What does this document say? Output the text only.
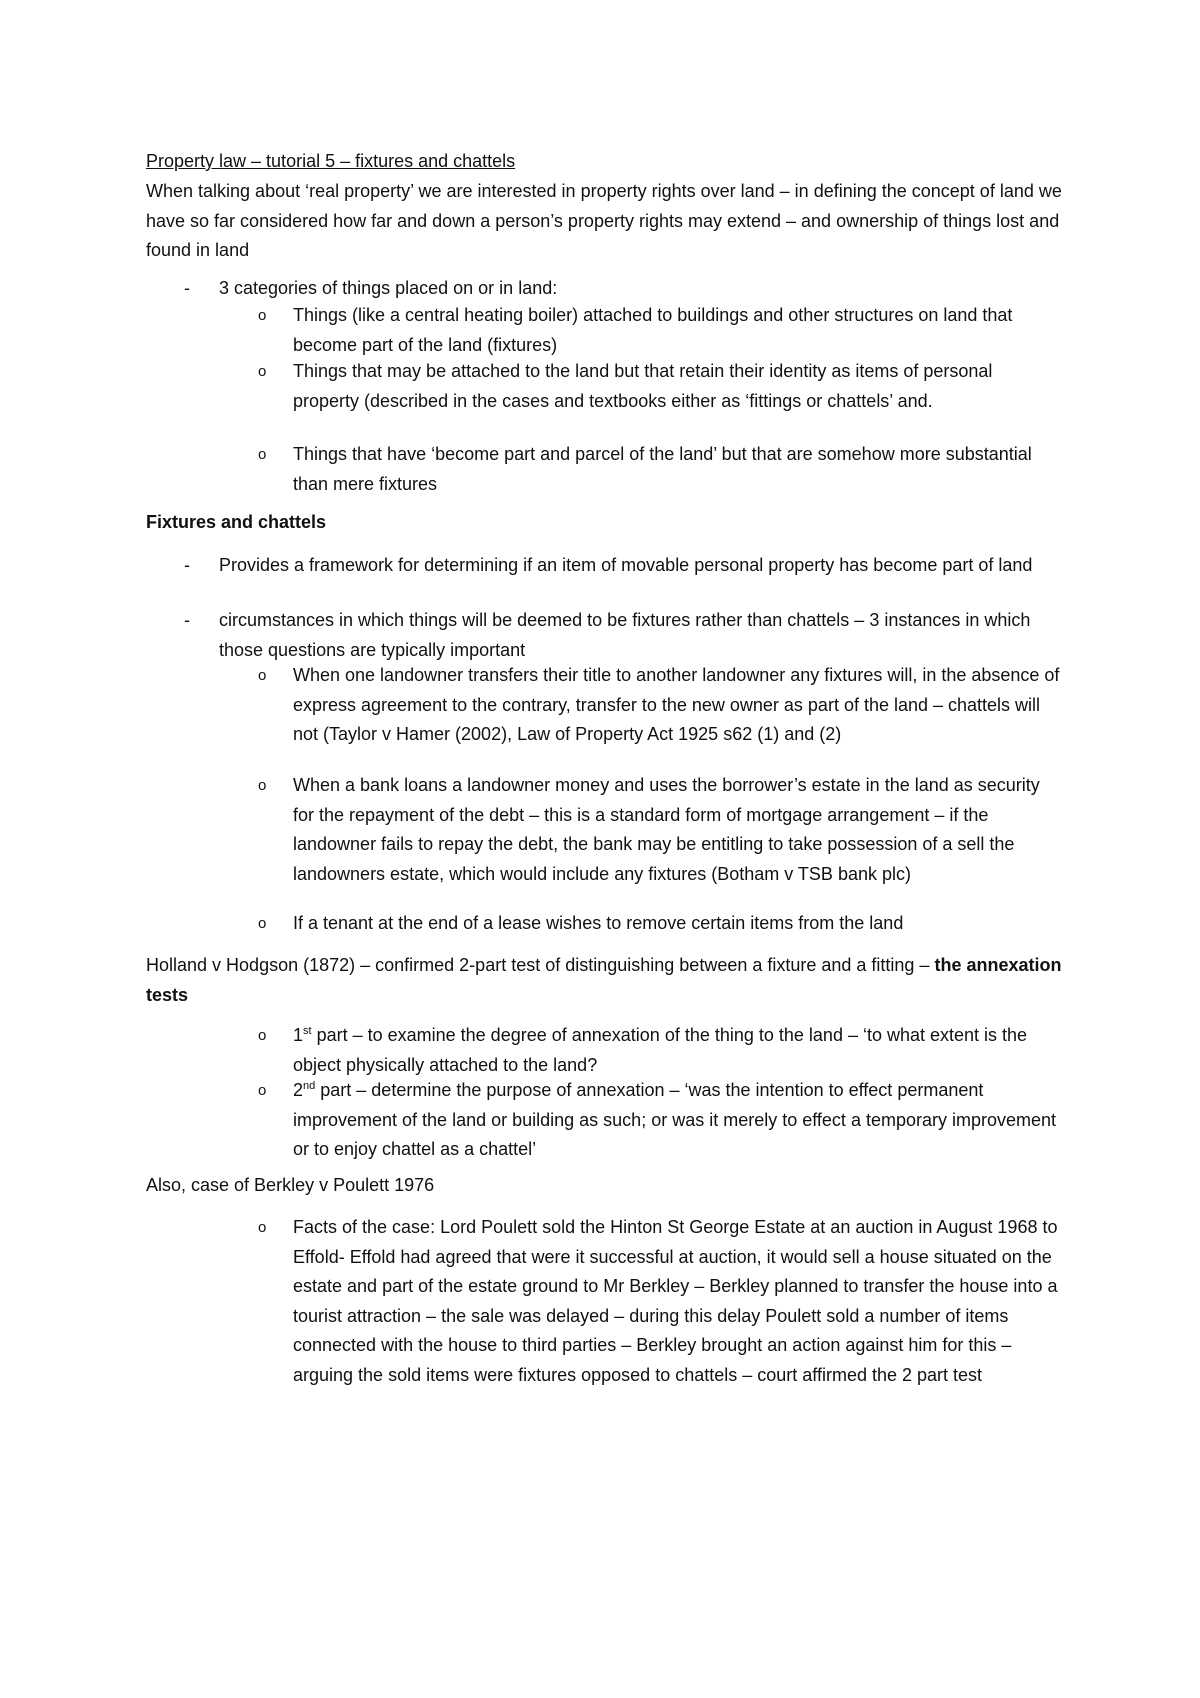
Property law – tutorial 5 – fixtures and chattels
When talking about ‘real property’ we are interested in property rights over land – in defining the concept of land we have so far considered how far and down a person’s property rights may extend – and ownership of things lost and found in land
- 3 categories of things placed on or in land:
o Things (like a central heating boiler) attached to buildings and other structures on land that become part of the land (fixtures)
o Things that may be attached to the land but that retain their identity as items of personal property (described in the cases and textbooks either as ‘fittings or chattels’ and.
o Things that have ‘become part and parcel of the land’ but that are somehow more substantial than mere fixtures
Fixtures and chattels
- Provides a framework for determining if an item of movable personal property has become part of land
- circumstances in which things will be deemed to be fixtures rather than chattels – 3 instances in which those questions are typically important
o When one landowner transfers their title to another landowner any fixtures will, in the absence of express agreement to the contrary, transfer to the new owner as part of the land – chattels will not (Taylor v Hamer (2002), Law of Property Act 1925 s62 (1) and (2)
o When a bank loans a landowner money and uses the borrower’s estate in the land as security for the repayment of the debt – this is a standard form of mortgage arrangement – if the landowner fails to repay the debt, the bank may be entitling to take possession of a sell the landowners estate, which would include any fixtures (Botham v TSB bank plc)
o If a tenant at the end of a lease wishes to remove certain items from the land
Holland v Hodgson (1872) – confirmed 2-part test of distinguishing between a fixture and a fitting – the annexation tests
o 1st part – to examine the degree of annexation of the thing to the land – ‘to what extent is the object physically attached to the land?
o 2nd part – determine the purpose of annexation – ‘was the intention to effect permanent improvement of the land or building as such; or was it merely to effect a temporary improvement or to enjoy chattel as a chattel’
Also, case of Berkley v Poulett 1976
o Facts of the case: Lord Poulett sold the Hinton St George Estate at an auction in August 1968 to Effold- Effold had agreed that were it successful at auction, it would sell a house situated on the estate and part of the estate ground to Mr Berkley – Berkley planned to transfer the house into a tourist attraction – the sale was delayed – during this delay Poulett sold a number of items connected with the house to third parties – Berkley brought an action against him for this – arguing the sold items were fixtures opposed to chattels – court affirmed the 2 part test
